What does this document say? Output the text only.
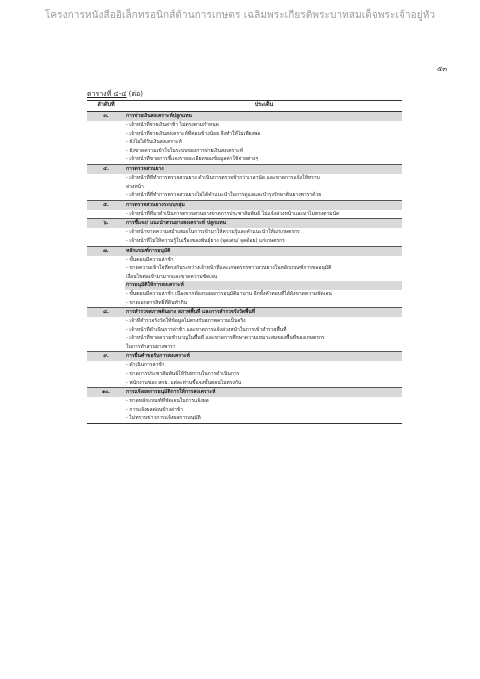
โครงการหนังสืออิเล็กทรอนิกส์ด้านการเกษตร เฉลิมพระเกียรติพระบาทสมเด็จพระเจ้าอยู่หัว
๕๓
ตารางที่ ๔-๔ (ต่อ)
ลำดับที่	ประเด็น
๓.	การจ่ายเงินสงเคราะห์ปลูกแทน
	- เจ้าหน้าที่จ่ายเงินล่าช้า ไม่ตรงตามกำหนด
	- เจ้าหน้าที่จ่ายเงินสงเคราะห์ที่ค่อนข้างน้อย จึงทำให้ไม่เพียงพอ
	- ยังไม่ได้รับเงินสงเคราะห์
	- ยังขาดความเข้าใจในระบบของการจ่ายเงินสงเคราะห์
	- เจ้าหน้าที่ขาดการชี้แจงรายละเอียดของข้อมูลค่าใช้จ่ายต่างๆ
๔.	การตรวจสวนยาง
	- เจ้าหน้าที่ที่ทำการตรวจสวนยาง ดำเนินการตรวจช้ากว่าเวลานัด และขาดการแจ้งให้ทราบ
	ล่วงหน้า
	- เจ้าหน้าที่ที่ทำการตรวจสวนยางไม่ได้คำแนะนำในการดูแลและบำรุงรักษาต้นยางพาราด้วย
๕.	การตรวจสวนยางระบบกลุ่ม
	- เจ้าหน้าที่ที่มาดำเนินการตรวจสวนยางขาดการประชาสัมพันธ์ ไม่แจ้งล่วงหน้าและมาไม่ตรงตามนัด
๖.	การชี้แจง/ แนะนำสวนยางสงเคราะห์ ปลูกแทน
	- เจ้าหน้าขาดความสม่ำเสมอในการเข้ามาให้ความรู้และคำแนะนำให้แก่เกษตรกร
	- เจ้าหน้าที่ไม่ให้ความรู้ในเรื่องของพันธุ์ยาง (จุดเด่น/ จุดด้อย) แก่เกษตรกร
๗.	หลักเกณฑ์การอนุมัติ
	- ขั้นตอนมีความล่าช้า
	- ขาดความเข้าใจที่ตรงกันระหว่างเจ้าหน้าที่และเกษตรกรชาวสวนยางในหลักเกณฑ์การขออนุมัติ
	เงื่อนไขต่อเข้ามามากและขาดความชัดเจน
	การอนุมัติให้การสงเคราะห์
	- ขั้นตอนมีความล่าช้า เนื่องจากต้องรอผลการอนุมัติมานาน อีกทั้งคำตอบที่ได้ยังขาดความชัดเจน
	- ขาดเอกสารสิทธิ์ที่ดินทำกิน
๘.	การสำรวจสภาพต้นยาง สภาพพื้นที่ และการสำรวจรังวัดพื้นที่
	- เจ้าที่สำรวจรังวัดให้ข้อมูลไม่ตรงกับสภาพความเป็นจริง
	- เจ้าหน้าที่ดำเนินการล่าช้า และขาดการแจ้งล่วงหน้าในการเข้าสำรวจพื้นที่
	- เจ้าหน้าที่ขาดความชำนาญในพื้นที่ และขาดการศึกษาความเหมาะสมของพื้นที่ของเกษตรกร
	ในการทำสวนยางพารา
๙.	การยื่นคำขอรับการสงเคราะห์
	- ดำเนินการล่าช้า
	- ขาดการประชาสัมพันธ์ให้รับทราบในการดำเนินการ
	- พนักงานของ สกย. แต่ละท่านชี้แจงขั้นตอนไม่ตรงกัน
๑๐.	การแจ้งผลการอนุมัติการให้การสงเคราะห์
	- ขาดหลักเกณฑ์ที่ชัดเจนในการแจ้งผล
	- การแจ้งผลค่อนข้างล่าช้า
	- ไม่ทราบข่าวการแจ้งผลการอนุมัติ
